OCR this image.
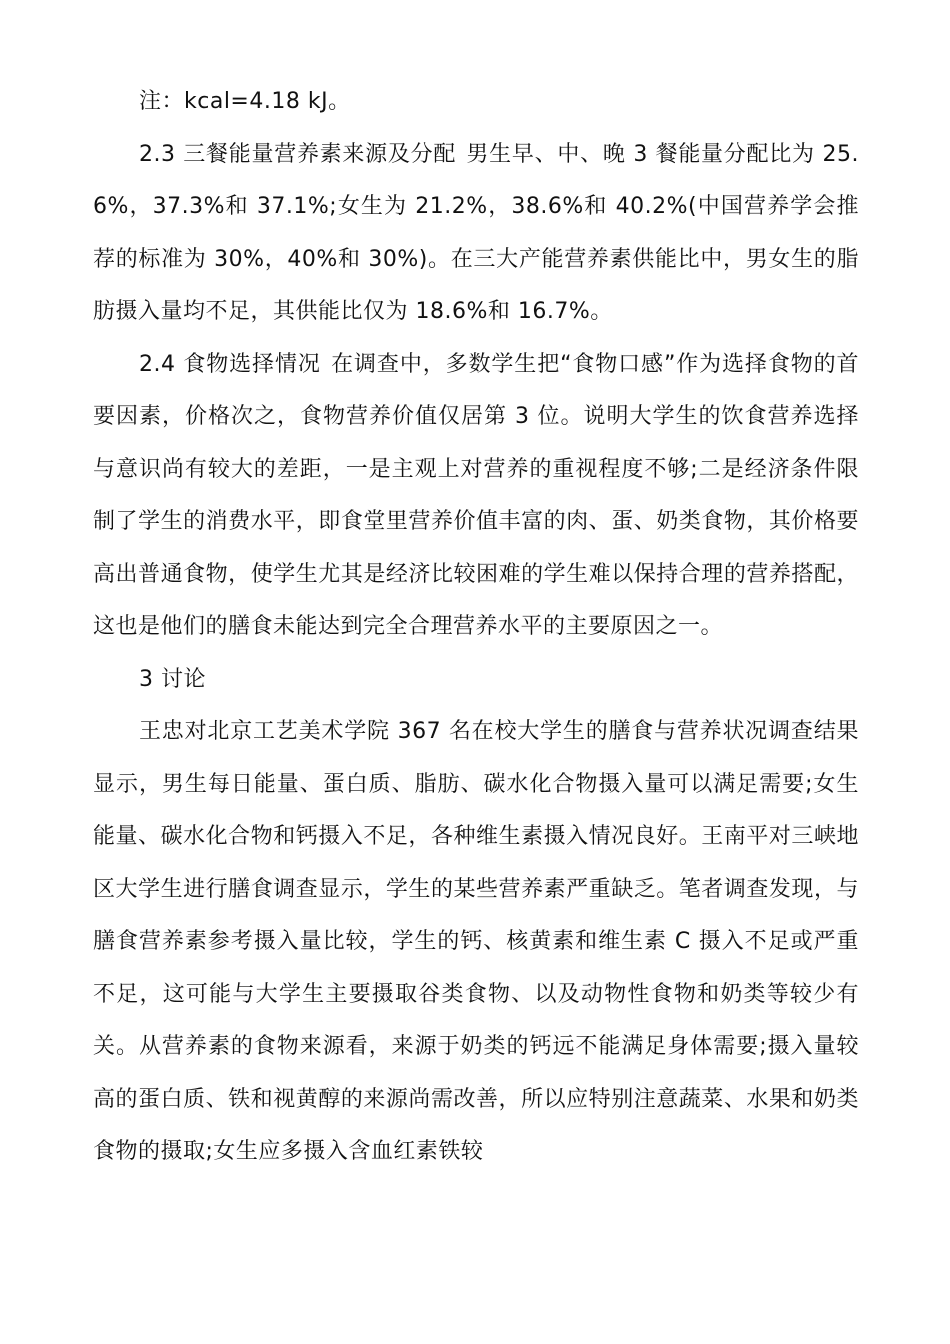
注：kcal=4.18 kJ。

2.3 三餐能量营养素来源及分配 男生早、中、晚 3 餐能量分配比为 25.6%，37.3%和 37.1%;女生为 21.2%，38.6%和 40.2%(中国营养学会推荐的标准为 30%，40%和 30%)。在三大产能营养素供能比中，男女生的脂肪摄入量均不足，其供能比仅为 18.6%和 16.7%。

2.4 食物选择情况 在调查中，多数学生把“食物口感”作为选择食物的首要因素，价格次之，食物营养价值仅居第 3 位。说明大学生的饮食营养选择与意识尚有较大的差距，一是主观上对营养的重视程度不够;二是经济条件限制了学生的消费水平，即食堂里营养价值丰富的肉、蛋、奶类食物，其价格要高出普通食物，使学生尤其是经济比较困难的学生难以保持合理的营养搭配，这也是他们的膳食未能达到完全合理营养水平的主要原因之一。

3 讨论

王忠对北京工艺美术学院 367 名在校大学生的膳食与营养状况调查结果显示，男生每日能量、蛋白质、脂肪、碳水化合物摄入量可以满足需要;女生能量、碳水化合物和钙摄入不足，各种维生素摄入情况良好。王南平对三峡地区大学生进行膳食调查显示，学生的某些营养素严重缺乏。笔者调查发现，与膳食营养素参考摄入量比较，学生的钙、核黄素和维生素 C 摄入不足或严重不足，这可能与大学生主要摄取谷类食物、以及动物性食物和奶类等较少有关。从营养素的食物来源看，来源于奶类的钙远不能满足身体需要;摄入量较高的蛋白质、铁和视黄醇的来源尚需改善，所以应特别注意蔬菜、水果和奶类食物的摄取;女生应多摄入含血红素铁较
